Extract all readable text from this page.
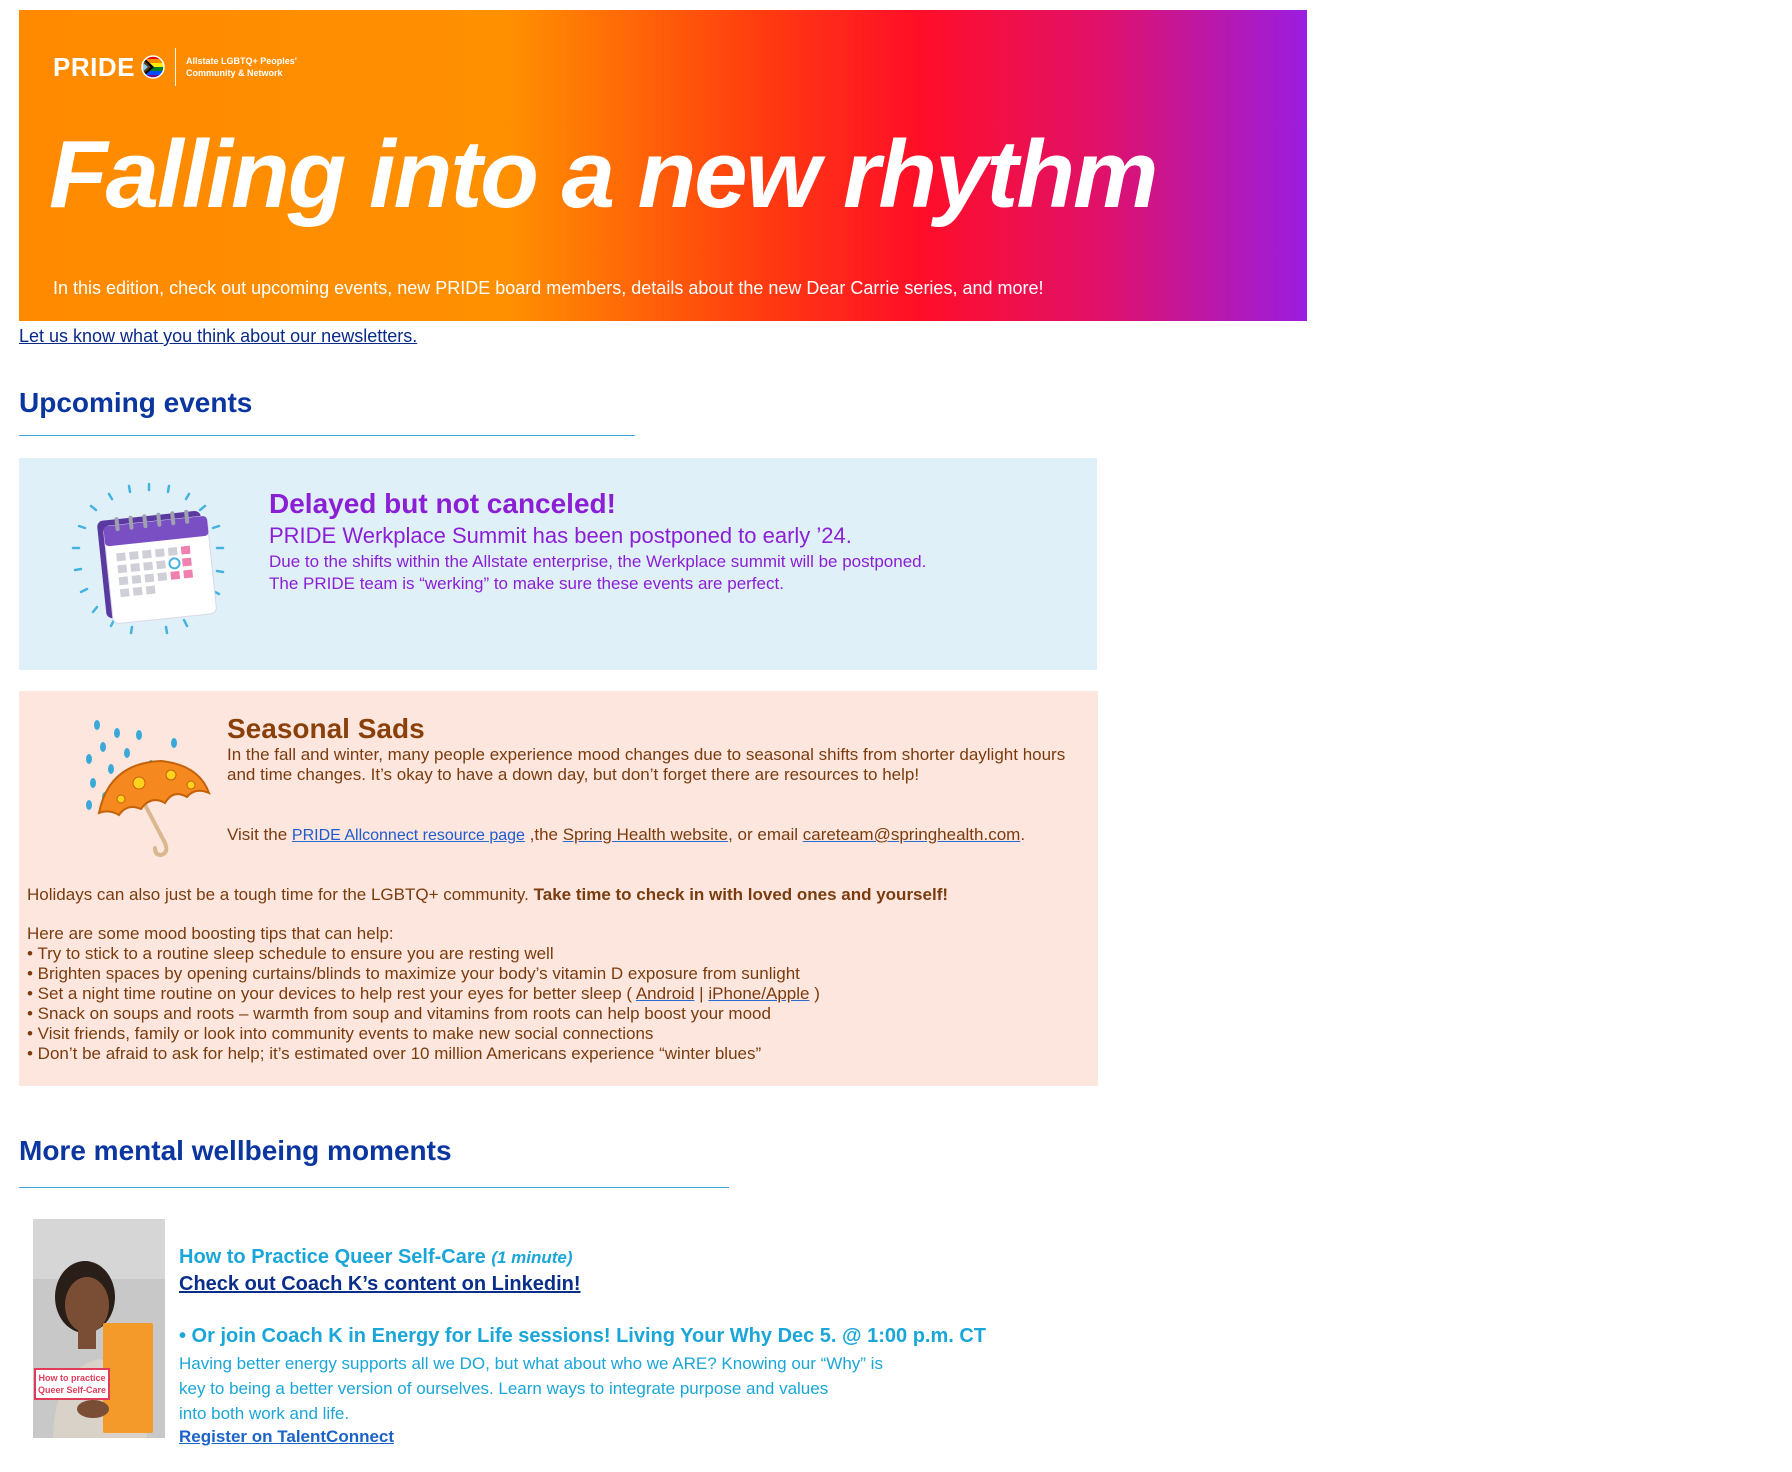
PRIDE	Allstate LGBTQ+ Peoples'
Community & Network
Falling into a new rhythm
In this edition, check out upcoming events, new PRIDE board members, details about the new Dear Carrie series, and more!
Let us know what you think about our newsletters.
Upcoming events
Delayed but not canceled!
PRIDE Werkplace Summit has been postponed to early ’24.
Due to the shifts within the Allstate enterprise, the Werkplace summit will be postponed.
The PRIDE team is “werking” to make sure these events are perfect.
Seasonal Sads
In the fall and winter, many people experience mood changes due to seasonal shifts from shorter daylight hours and time changes. It’s okay to have a down day, but don’t forget there are resources to help!
Visit the PRIDE Allconnect resource page ,the Spring Health website, or email careteam@springhealth.com.
Holidays can also just be a tough time for the LGBTQ+ community. Take time to check in with loved ones and yourself!
Here are some mood boosting tips that can help:
• Try to stick to a routine sleep schedule to ensure you are resting well
• Brighten spaces by opening curtains/blinds to maximize your body’s vitamin D exposure from sunlight
• Set a night time routine on your devices to help rest your eyes for better sleep ( Android | iPhone/Apple )
• Snack on soups and roots – warmth from soup and vitamins from roots can help boost your mood
• Visit friends, family or look into community events to make new social connections
• Don’t be afraid to ask for help; it’s estimated over 10 million Americans experience “winter blues”
More mental wellbeing moments
How to practice
Queer Self-Care
How to Practice Queer Self-Care (1 minute)
Check out Coach K’s content on Linkedin!
• Or join Coach K in Energy for Life sessions! Living Your Why Dec 5. @ 1:00 p.m. CT
Having better energy supports all we DO, but what about who we ARE? Knowing our “Why” is
key to being a better version of ourselves. Learn ways to integrate purpose and values
into both work and life.
Register on TalentConnect
